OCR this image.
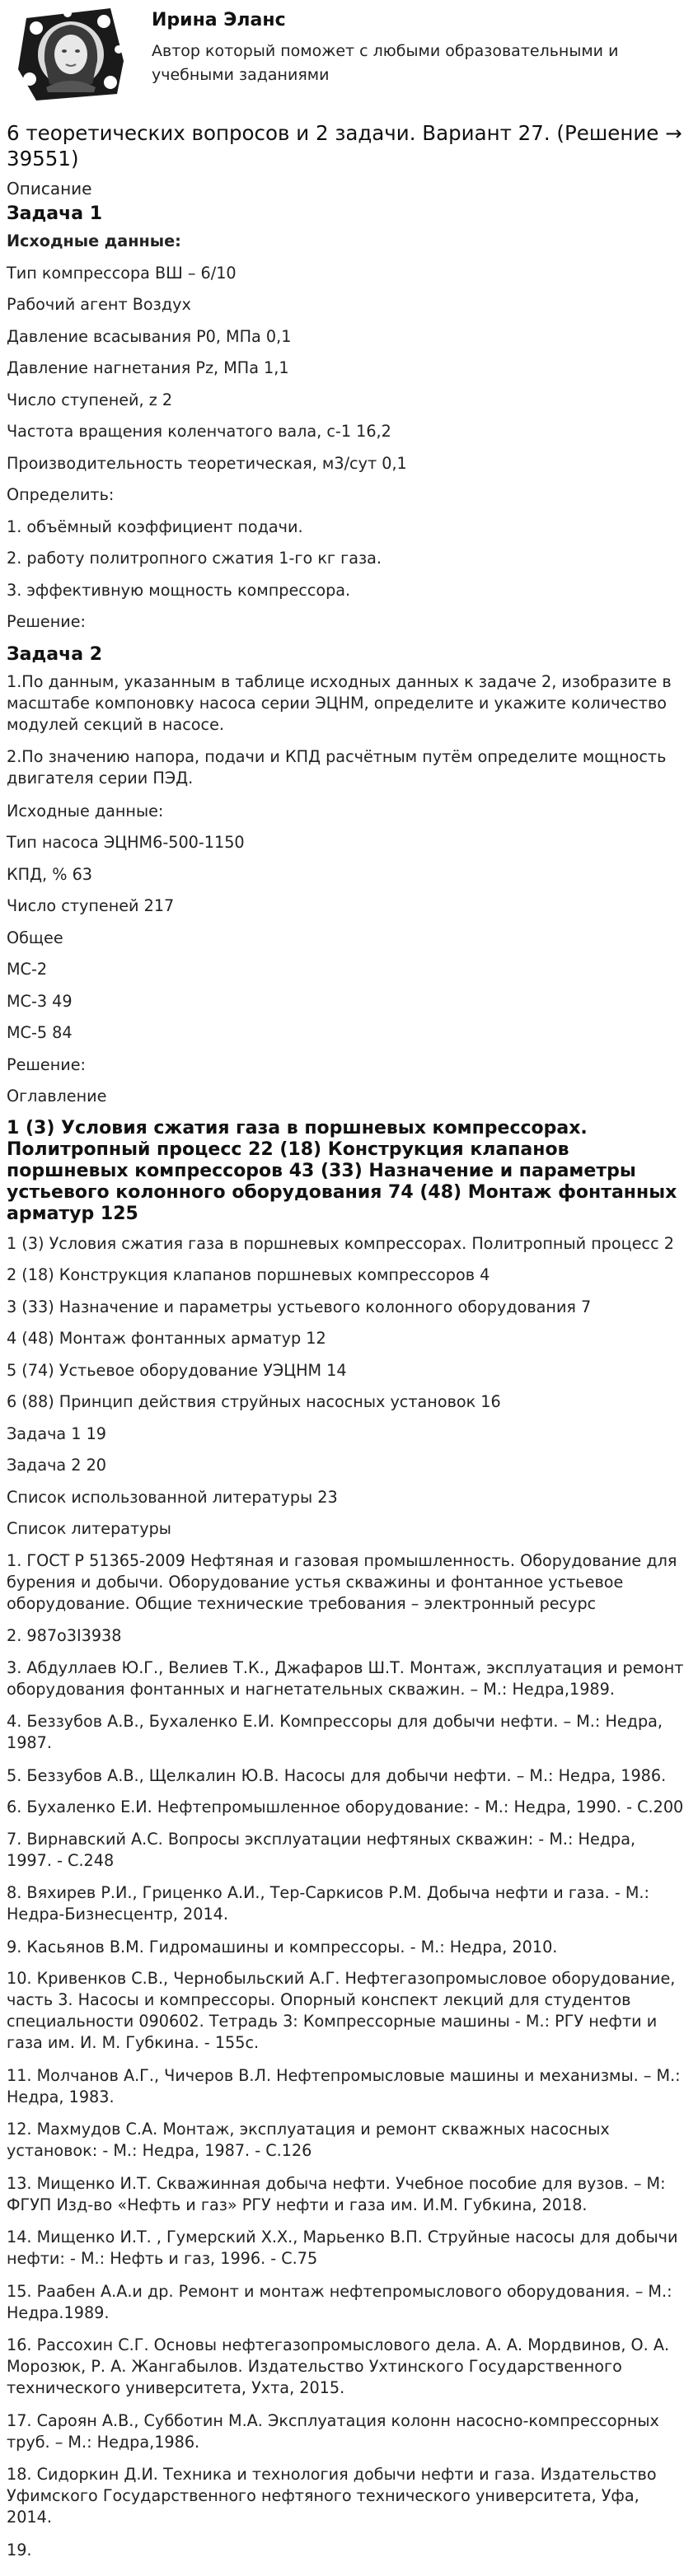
Ирина Эланс
Автор который поможет с любыми образовательными и учебными заданиями
6 теоретических вопросов и 2 задачи. Вариант 27. (Решение → 39551)
Описание
Задача 1
Исходные данные:
Тип компрессора ВШ – 6/10
Рабочий агент Воздух
Давление всасывания P0, МПа 0,1
Давление нагнетания Pz, МПа 1,1
Число ступеней, z 2
Частота вращения коленчатого вала, с-1 16,2
Производительность теоретическая, м3/сут 0,1
Определить:
1. объёмный коэффициент подачи.
2. работу политропного сжатия 1-го кг газа.
3. эффективную мощность компрессора.
Решение:
Задача 2
1.По данным, указанным в таблице исходных данных к задаче 2, изобразите в масштабе компоновку насоса серии ЭЦНМ, определите и укажите количество модулей секций в насосе.
2.По значению напора, подачи и КПД расчётным путём определите мощность двигателя серии ПЭД.
Исходные данные:
Тип насоса ЭЦНМ6-500-1150
КПД, % 63
Число ступеней 217
Общее
МС-2
МС-3 49
МС-5 84
Решение:
Оглавление
1 (3) Условия сжатия газа в поршневых компрессорах. Политропный процесс 22 (18) Конструкция клапанов поршневых компрессоров 43 (33) Назначение и параметры устьевого колонного оборудования 74 (48) Монтаж фонтанных арматур 125
1 (3) Условия сжатия газа в поршневых компрессорах. Политропный процесс 2
2 (18) Конструкция клапанов поршневых компрессоров 4
3 (33) Назначение и параметры устьевого колонного оборудования 7
4 (48) Монтаж фонтанных арматур 12
5 (74) Устьевое оборудование УЭЦНМ 14
6 (88) Принцип действия струйных насосных установок 16
Задача 1 19
Задача 2 20
Список использованной литературы 23
Список литературы
1. ГОСТ Р 51365-2009 Нефтяная и газовая промышленность. Оборудование для бурения и добычи. Оборудование устья скважины и фонтанное устьевое оборудование. Общие технические требования – электронный ресурс
2. 987o3I3938
3. Абдуллаев Ю.Г., Велиев Т.К., Джафаров Ш.Т. Монтаж, эксплуатация и ремонт оборудования фонтанных и нагнетательных скважин. – М.: Недра,1989.
4. Беззубов А.В., Бухаленко Е.И. Компрессоры для добычи нефти. – М.: Недра, 1987.
5. Беззубов А.В., Щелкалин Ю.В. Насосы для добычи нефти. – М.: Недра, 1986.
6. Бухаленко Е.И. Нефтепромышленное оборудование: - М.: Недра, 1990. - С.200
7. Вирнавский А.С. Вопросы эксплуатации нефтяных скважин: - М.: Недра, 1997. - С.248
8. Вяхирев Р.И., Гриценко А.И., Тер-Саркисов Р.М. Добыча нефти и газа. - М.: Недра-Бизнесцентр, 2014.
9. Касьянов В.М. Гидромашины и компрессоры. - М.: Недра, 2010.
10. Кривенков С.В., Чернобыльский А.Г. Нефтегазопромысловое оборудование, часть 3. Насосы и компрессоры. Опорный конспект лекций для студентов специальности 090602. Тетрадь 3: Компрессорные машины - М.: РГУ нефти и газа им. И. М. Губкина. - 155с.
11. Молчанов А.Г., Чичеров В.Л. Нефтепромысловые машины и механизмы. – М.: Недра, 1983.
12. Махмудов С.А. Монтаж, эксплуатация и ремонт скважных насосных установок: - М.: Недра, 1987. - С.126
13. Мищенко И.Т. Скважинная добыча нефти. Учебное пособие для вузов. – М: ФГУП Изд-во «Нефть и газ» РГУ нефти и газа им. И.М. Губкина, 2018.
14. Мищенко И.Т. , Гумерский Х.Х., Марьенко В.П. Струйные насосы для добычи нефти: - М.: Нефть и газ, 1996. - С.75
15. Раабен А.А.и др. Ремонт и монтаж нефтепромыслового оборудования. – М.: Недра.1989.
16. Рассохин С.Г. Основы нефтегазопромыслового дела. А. А. Мордвинов, О. А. Морозюк, Р. А. Жангабылов. Издательство Ухтинского Государственного технического университета, Ухта, 2015.
17. Сароян А.В., Субботин М.А. Эксплуатация колонн насосно-компрессорных труб. – М.: Недра,1986.
18. Сидоркин Д.И. Техника и технология добычи нефти и газа. Издательство Уфимского Государственного нефтяного технического университета, Уфа, 2014.
19.
